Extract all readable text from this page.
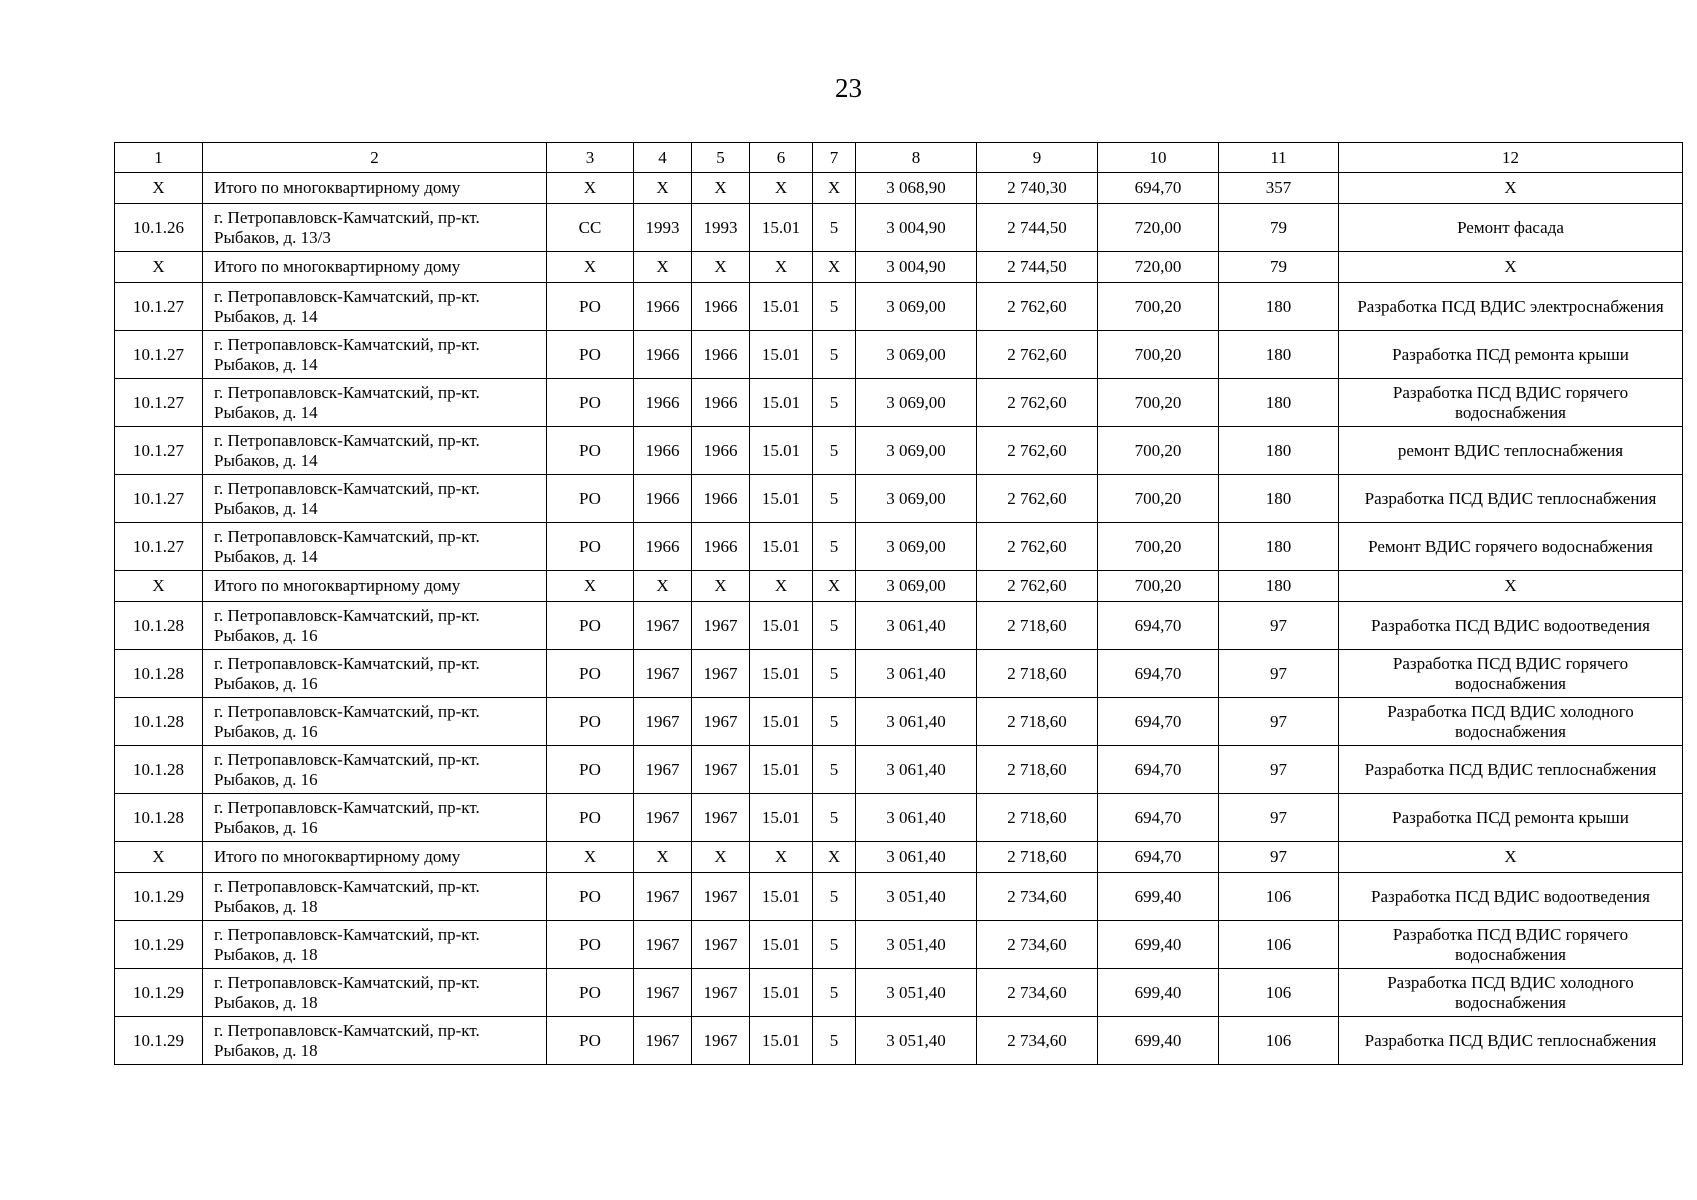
23
1	2	3	4	5	6	7	8	9	10	11	12
X	Итого по многоквартирному дому	X	X	X	X	X	3 068,90	2 740,30	694,70	357	X
10.1.26	г. Петропавловск-Камчатский, пр-кт. Рыбаков, д. 13/3	СС	1993	1993	15.01	5	3 004,90	2 744,50	720,00	79	Ремонт фасада
X	Итого по многоквартирному дому	X	X	X	X	X	3 004,90	2 744,50	720,00	79	X
10.1.27	г. Петропавловск-Камчатский, пр-кт. Рыбаков, д. 14	РО	1966	1966	15.01	5	3 069,00	2 762,60	700,20	180	Разработка ПСД ВДИС электроснабжения
10.1.27	г. Петропавловск-Камчатский, пр-кт. Рыбаков, д. 14	РО	1966	1966	15.01	5	3 069,00	2 762,60	700,20	180	Разработка ПСД ремонта крыши
10.1.27	г. Петропавловск-Камчатский, пр-кт. Рыбаков, д. 14	РО	1966	1966	15.01	5	3 069,00	2 762,60	700,20	180	Разработка ПСД ВДИС горячего водоснабжения
10.1.27	г. Петропавловск-Камчатский, пр-кт. Рыбаков, д. 14	РО	1966	1966	15.01	5	3 069,00	2 762,60	700,20	180	ремонт ВДИС теплоснабжения
10.1.27	г. Петропавловск-Камчатский, пр-кт. Рыбаков, д. 14	РО	1966	1966	15.01	5	3 069,00	2 762,60	700,20	180	Разработка ПСД ВДИС теплоснабжения
10.1.27	г. Петропавловск-Камчатский, пр-кт. Рыбаков, д. 14	РО	1966	1966	15.01	5	3 069,00	2 762,60	700,20	180	Ремонт ВДИС горячего водоснабжения
X	Итого по многоквартирному дому	X	X	X	X	X	3 069,00	2 762,60	700,20	180	X
10.1.28	г. Петропавловск-Камчатский, пр-кт. Рыбаков, д. 16	РО	1967	1967	15.01	5	3 061,40	2 718,60	694,70	97	Разработка ПСД ВДИС водоотведения
10.1.28	г. Петропавловск-Камчатский, пр-кт. Рыбаков, д. 16	РО	1967	1967	15.01	5	3 061,40	2 718,60	694,70	97	Разработка ПСД ВДИС горячего водоснабжения
10.1.28	г. Петропавловск-Камчатский, пр-кт. Рыбаков, д. 16	РО	1967	1967	15.01	5	3 061,40	2 718,60	694,70	97	Разработка ПСД ВДИС холодного водоснабжения
10.1.28	г. Петропавловск-Камчатский, пр-кт. Рыбаков, д. 16	РО	1967	1967	15.01	5	3 061,40	2 718,60	694,70	97	Разработка ПСД ВДИС теплоснабжения
10.1.28	г. Петропавловск-Камчатский, пр-кт. Рыбаков, д. 16	РО	1967	1967	15.01	5	3 061,40	2 718,60	694,70	97	Разработка ПСД ремонта крыши
X	Итого по многоквартирному дому	X	X	X	X	X	3 061,40	2 718,60	694,70	97	X
10.1.29	г. Петропавловск-Камчатский, пр-кт. Рыбаков, д. 18	РО	1967	1967	15.01	5	3 051,40	2 734,60	699,40	106	Разработка ПСД ВДИС водоотведения
10.1.29	г. Петропавловск-Камчатский, пр-кт. Рыбаков, д. 18	РО	1967	1967	15.01	5	3 051,40	2 734,60	699,40	106	Разработка ПСД ВДИС горячего водоснабжения
10.1.29	г. Петропавловск-Камчатский, пр-кт. Рыбаков, д. 18	РО	1967	1967	15.01	5	3 051,40	2 734,60	699,40	106	Разработка ПСД ВДИС холодного водоснабжения
10.1.29	г. Петропавловск-Камчатский, пр-кт. Рыбаков, д. 18	РО	1967	1967	15.01	5	3 051,40	2 734,60	699,40	106	Разработка ПСД ВДИС теплоснабжения
